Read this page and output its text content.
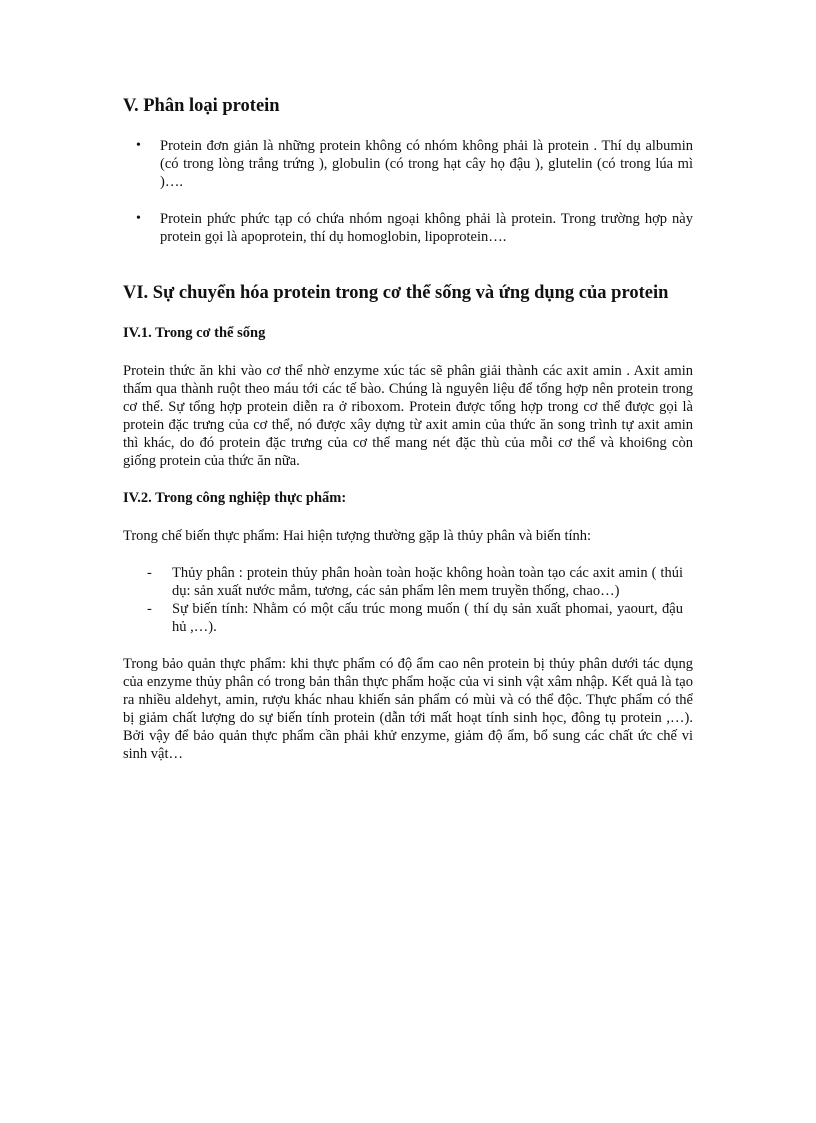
V. Phân loại protein
• Protein đơn giản là những protein không có nhóm không phải là protein . Thí dụ albumin (có trong lòng trắng trứng ), globulin (có trong hạt cây họ đậu ), glutelin (có trong lúa mì )….
• Protein phức phức tạp có chứa nhóm ngoại không phải là protein. Trong trường hợp này protein gọi là apoprotein, thí dụ homoglobin, lipoprotein….
VI. Sự chuyển hóa protein trong cơ thể sống và ứng dụng của protein
IV.1. Trong cơ thể sống

Protein thức ăn khi vào cơ thể nhờ enzyme xúc tác sẽ phân giải thành các axit amin . Axit amin thấm qua thành ruột theo máu tới các tế bào. Chúng là nguyên liệu để tổng hợp nên protein trong cơ thể. Sự tổng hợp protein diễn ra ở riboxom. Protein được tổng hợp trong cơ thể được gọi là protein đặc trưng của cơ thể, nó được xây dựng từ axit amin của thức ăn song trình tự axit amin thì khác, do đó protein đặc trưng của cơ thể mang nét đặc thù của mỗi cơ thể và khoi6ng còn giống protein của thức ăn nữa.

IV.2. Trong công nghiệp thực phẩm:

Trong chế biến thực phẩm: Hai hiện tượng thường gặp là thủy phân và biến tính:

- Thủy phân : protein thủy phân hoàn toàn hoặc không hoàn toàn tạo các axit amin ( thúi dụ: sản xuất nước mắm, tương, các sản phẩm lên mem truyền thống, chao…)
- Sự biến tính: Nhằm có một cấu trúc mong muốn ( thí dụ sản xuất phomai, yaourt, đậu hủ ,…).

Trong bảo quản thực phẩm: khi thực phẩm có độ ẩm cao nên protein bị thủy phân dưới tác dụng của enzyme thủy phân có trong bản thân thực phẩm hoặc của vi sinh vật xâm nhập. Kết quả là tạo ra nhiều aldehyt, amin, rượu khác nhau khiến sản phẩm có mùi và có thể độc. Thực phẩm có thể bị giảm chất lượng do sự biến tính protein (dẫn tới mất hoạt tính sinh học, đông tụ protein ,…). Bởi vậy để bảo quản thực phẩm cần phải khử enzyme, giảm độ ẩm, bổ sung các chất ức chế vi sinh vật…
